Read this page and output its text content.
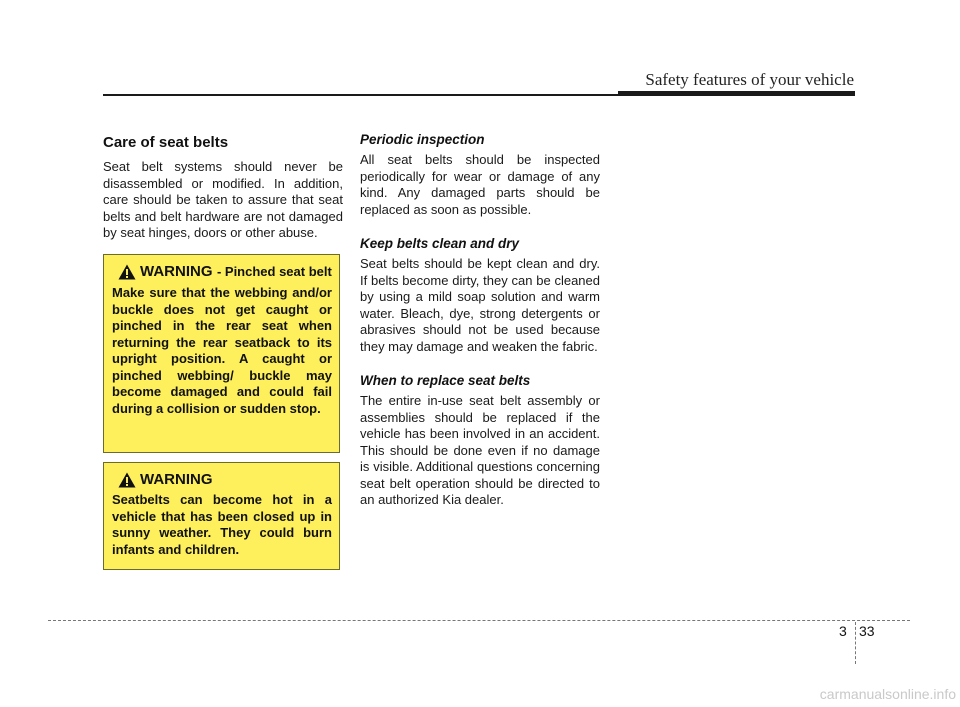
Safety features of your vehicle
Care of seat belts

Seat belt systems should never be disassembled or modified. In addition, care should be taken to assure that seat belts and belt hardware are not damaged by seat hinges, doors or other abuse.

WARNING - Pinched seat belt

Make sure that the webbing and/or buckle does not get caught or pinched in the rear seat when returning the rear seatback to its upright position. A caught or pinched webbing/ buckle may become damaged and could fail during a collision or sudden stop.

WARNING

Seatbelts can become hot in a vehicle that has been closed up in sunny weather. They could burn infants and children.

Periodic inspection

All seat belts should be inspected periodically for wear or damage of any kind. Any damaged parts should be replaced as soon as possible.

Keep belts clean and dry

Seat belts should be kept clean and dry. If belts become dirty, they can be cleaned by using a mild soap solution and warm water. Bleach, dye, strong detergents or abrasives should not be used because they may damage and weaken the fabric.

When to replace seat belts

The entire in-use seat belt assembly or assemblies should be replaced if the vehicle has been involved in an accident. This should be done even if no damage is visible. Additional questions concerning seat belt operation should be directed to an authorized Kia dealer.

3 33
carmanualsonline.info
